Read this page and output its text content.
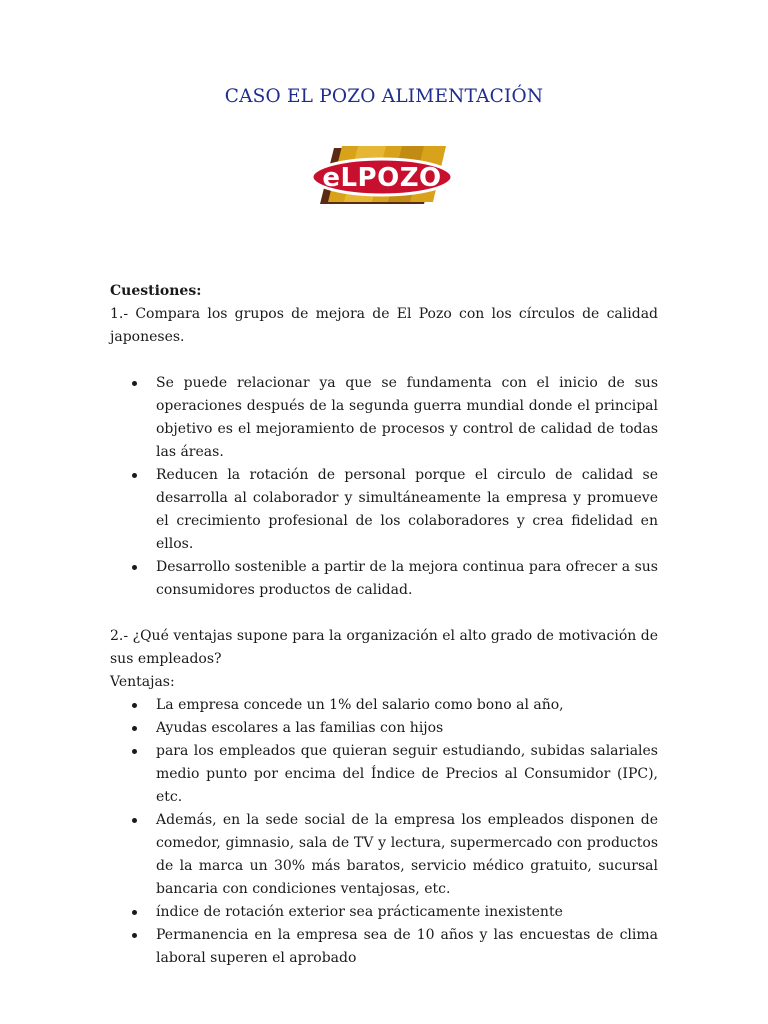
CASO EL POZO ALIMENTACIÓN
eLPOZO

Cuestiones:

1.- Compara los grupos de mejora de El Pozo con los círculos de calidad japoneses.

Se puede relacionar ya que se fundamenta con el inicio de sus operaciones después de la segunda guerra mundial donde el principal objetivo es el mejoramiento de procesos y control de calidad de todas las áreas.
Reducen la rotación de personal porque el circulo de calidad se desarrolla al colaborador y simultáneamente la empresa y promueve el crecimiento profesional de los colaboradores y crea fidelidad en ellos.
Desarrollo sostenible a partir de la mejora continua para ofrecer a sus consumidores productos de calidad.

2.- ¿Qué ventajas supone para la organización el alto grado de motivación de sus empleados?

Ventajas:

La empresa concede un 1% del salario como bono al año,
Ayudas escolares a las familias con hijos
para los empleados que quieran seguir estudiando, subidas salariales medio punto por encima del Índice de Precios al Consumidor (IPC), etc.
Además, en la sede social de la empresa los empleados disponen de comedor, gimnasio, sala de TV y lectura, supermercado con productos de la marca un 30% más baratos, servicio médico gratuito, sucursal bancaria con condiciones ventajosas, etc.
índice de rotación exterior sea prácticamente inexistente
Permanencia en la empresa sea de 10 años y las encuestas de clima laboral superen el aprobado
